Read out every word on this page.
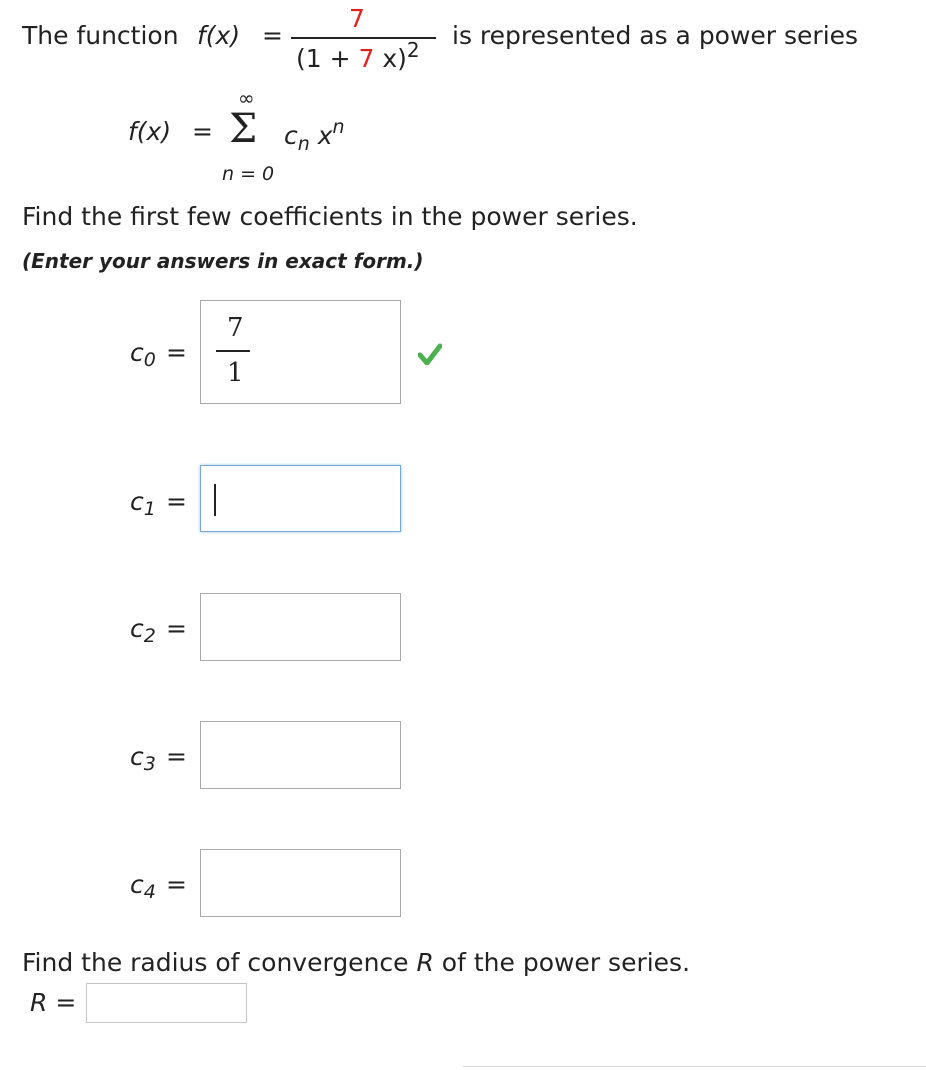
The function f(x) =
7
(1 + 7 x)$^2$ is represented as a power series
f(x) =
∞
Σ
n = 0
$c_n$ $x^n$
Find the first few coefficients in the power series.
(Enter your answers in exact form.)
$c_0$ =
7
1
$c_1$ =
$c_2$ =
$c_3$ =
$c_4$ =
Find the radius of convergence R of the power series.
R =
